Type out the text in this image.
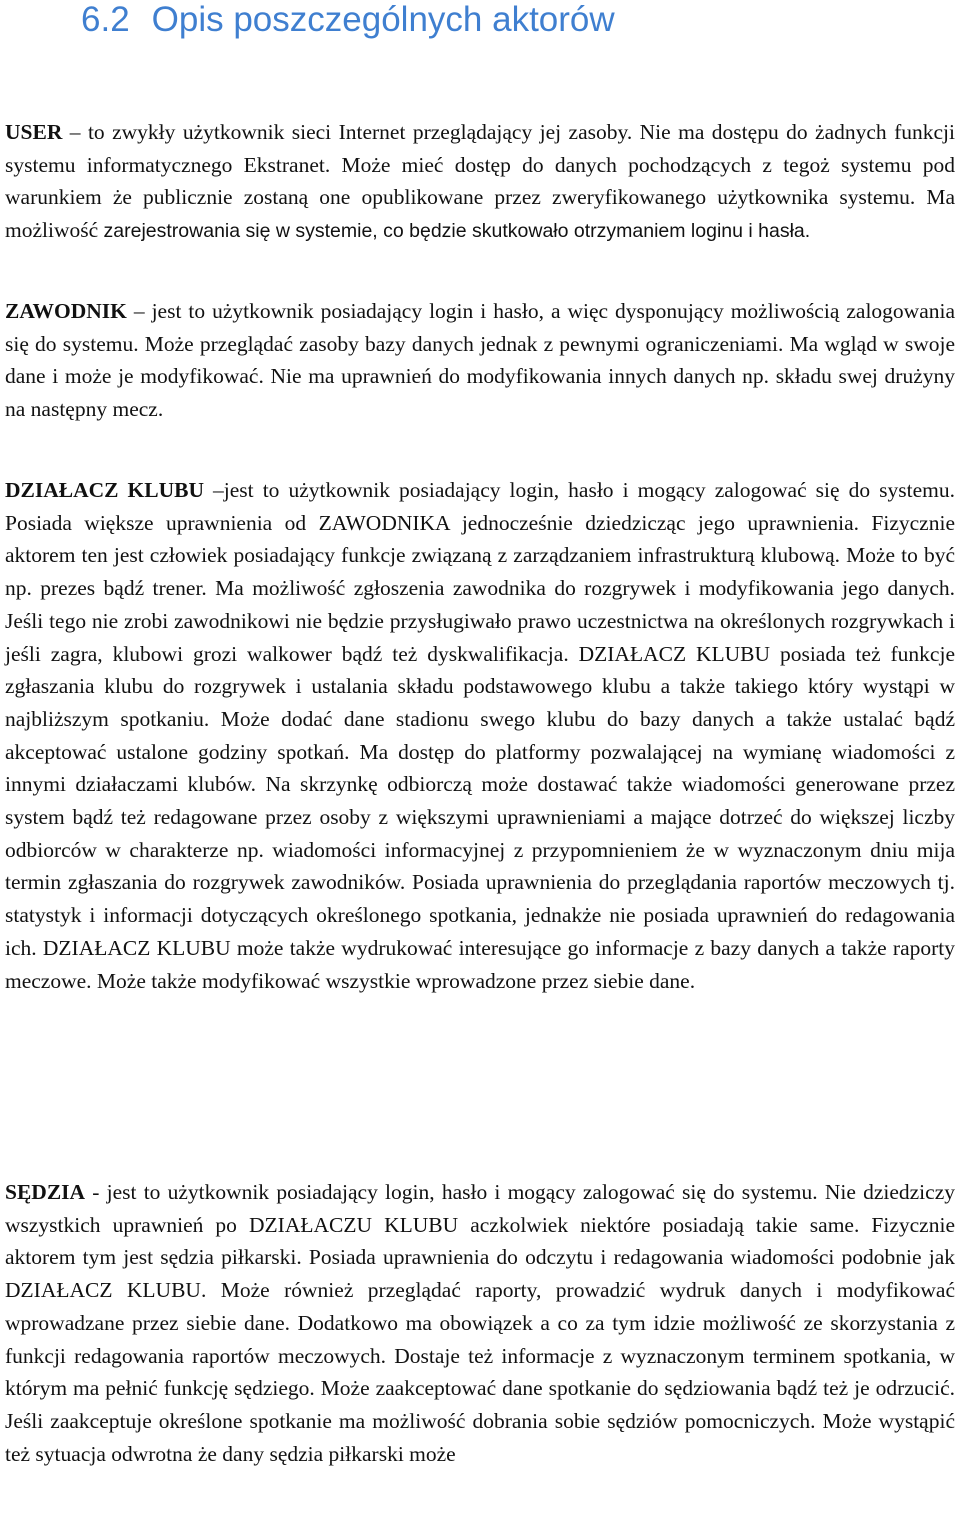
6.2 Opis poszczególnych aktorów

USER – to zwykły użytkownik sieci Internet przeglądający jej zasoby. Nie ma dostępu do żadnych funkcji systemu informatycznego Ekstranet. Może mieć dostęp do danych pochodzących z tegoż systemu pod warunkiem że publicznie zostaną one opublikowane przez zweryfikowanego użytkownika systemu. Ma możliwość zarejestrowania się w systemie, co będzie skutkowało otrzymaniem loginu i hasła.

ZAWODNIK – jest to użytkownik posiadający login i hasło, a więc dysponujący możliwością zalogowania się do systemu. Może przeglądać zasoby bazy danych jednak z pewnymi ograniczeniami. Ma wgląd w swoje dane i może je modyfikować. Nie ma uprawnień do modyfikowania innych danych np. składu swej drużyny na następny mecz.

DZIAŁACZ KLUBU –jest to użytkownik posiadający login, hasło i mogący zalogować się do systemu. Posiada większe uprawnienia od ZAWODNIKA jednocześnie dziedzicząc jego uprawnienia. Fizycznie aktorem ten jest człowiek posiadający funkcje związaną z zarządzaniem infrastrukturą klubową. Może to być np. prezes bądź trener. Ma możliwość zgłoszenia zawodnika do rozgrywek i modyfikowania jego danych. Jeśli tego nie zrobi zawodnikowi nie będzie przysługiwało prawo uczestnictwa na określonych rozgrywkach i jeśli zagra, klubowi grozi walkower bądź też dyskwalifikacja. DZIAŁACZ KLUBU posiada też funkcje zgłaszania klubu do rozgrywek i ustalania składu podstawowego klubu a także takiego który wystąpi w najbliższym spotkaniu. Może dodać dane stadionu swego klubu do bazy danych a także ustalać bądź akceptować ustalone godziny spotkań. Ma dostęp do platformy pozwalającej na wymianę wiadomości z innymi działaczami klubów. Na skrzynkę odbiorczą może dostawać także wiadomości generowane przez system bądź też redagowane przez osoby z większymi uprawnieniami a mające dotrzeć do większej liczby odbiorców w charakterze np. wiadomości informacyjnej z przypomnieniem że w wyznaczonym dniu mija termin zgłaszania do rozgrywek zawodników. Posiada uprawnienia do przeglądania raportów meczowych tj. statystyk i informacji dotyczących określonego spotkania, jednakże nie posiada uprawnień do redagowania ich. DZIAŁACZ KLUBU może także wydrukować interesujące go informacje z bazy danych a także raporty meczowe. Może także modyfikować wszystkie wprowadzone przez siebie dane.

SĘDZIA - jest to użytkownik posiadający login, hasło i mogący zalogować się do systemu. Nie dziedziczy wszystkich uprawnień po DZIAŁACZU KLUBU aczkolwiek niektóre posiadają takie same. Fizycznie aktorem tym jest sędzia piłkarski. Posiada uprawnienia do odczytu i redagowania wiadomości podobnie jak DZIAŁACZ KLUBU. Może również przeglądać raporty, prowadzić wydruk danych i modyfikować wprowadzane przez siebie dane. Dodatkowo ma obowiązek a co za tym idzie możliwość ze skorzystania z funkcji redagowania raportów meczowych. Dostaje też informacje z wyznaczonym terminem spotkania, w którym ma pełnić funkcję sędziego. Może zaakceptować dane spotkanie do sędziowania bądź też je odrzucić. Jeśli zaakceptuje określone spotkanie ma możliwość dobrania sobie sędziów pomocniczych. Może wystąpić też sytuacja odwrotna że dany sędzia piłkarski może
